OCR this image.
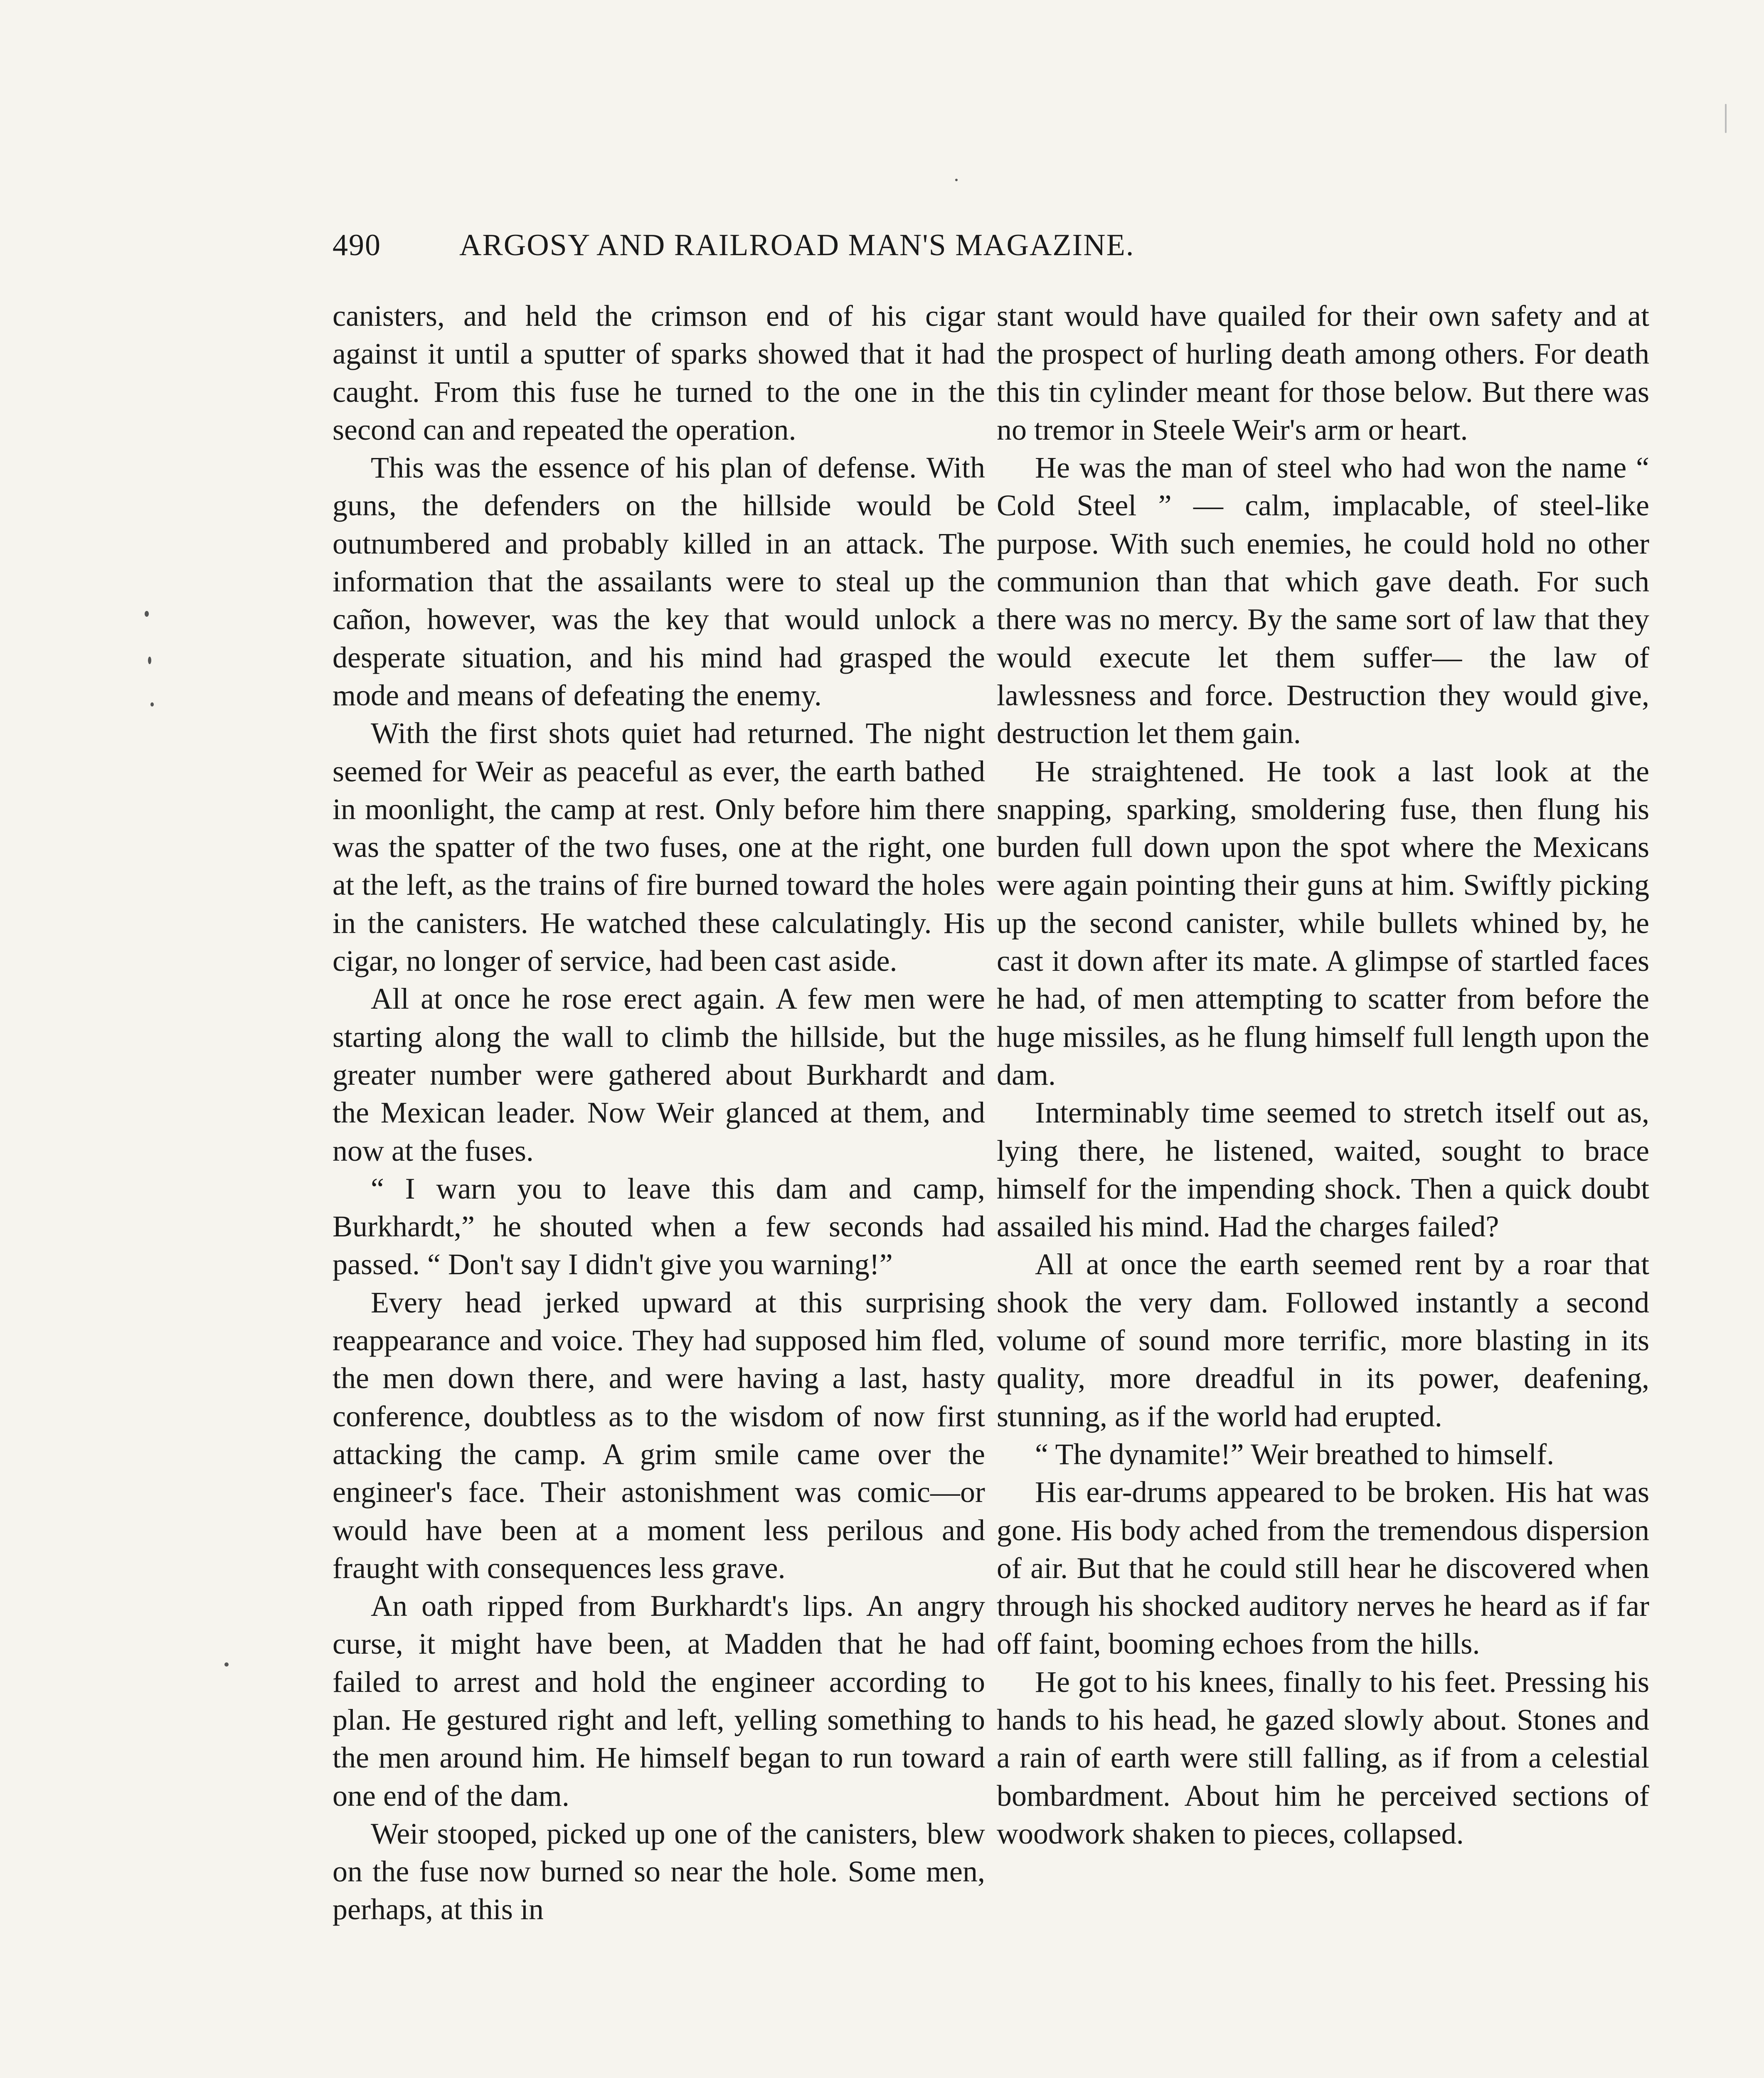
490	ARGOSY AND RAILROAD MAN'S MAGAZINE.

canisters, and held the crimson end of his cigar against it until a sputter of sparks showed that it had caught. From this fuse he turned to the one in the second can and repeated the operation.

This was the essence of his plan of defense. With guns, the defenders on the hillside would be outnumbered and probably killed in an attack. The information that the assailants were to steal up the cañon, however, was the key that would unlock a desperate situation, and his mind had grasped the mode and means of defeating the enemy.

With the first shots quiet had returned. The night seemed for Weir as peaceful as ever, the earth bathed in moonlight, the camp at rest. Only before him there was the spatter of the two fuses, one at the right, one at the left, as the trains of fire burned toward the holes in the canisters. He watched these calculatingly. His cigar, no longer of service, had been cast aside.

All at once he rose erect again. A few men were starting along the wall to climb the hillside, but the greater number were gathered about Burkhardt and the Mexican leader. Now Weir glanced at them, and now at the fuses.

“ I warn you to leave this dam and camp, Burkhardt,” he shouted when a few seconds had passed. “ Don't say I didn't give you warning!”

Every head jerked upward at this surprising reappearance and voice. They had supposed him fled, the men down there, and were having a last, hasty conference, doubtless as to the wisdom of now first attacking the camp. A grim smile came over the engineer's face. Their astonishment was comic—or would have been at a moment less perilous and fraught with consequences less grave.

An oath ripped from Burkhardt's lips. An angry curse, it might have been, at Madden that he had failed to arrest and hold the engineer according to plan. He gestured right and left, yelling something to the men around him. He himself began to run toward one end of the dam.

Weir stooped, picked up one of the canisters, blew on the fuse now burned so near the hole. Some men, perhaps, at this in

stant would have quailed for their own safety and at the prospect of hurling death among others. For death this tin cylinder meant for those below. But there was no tremor in Steele Weir's arm or heart.

He was the man of steel who had won the name “ Cold Steel ” — calm, implacable, of steel-like purpose. With such enemies, he could hold no other communion than that which gave death. For such there was no mercy. By the same sort of law that they would execute let them suffer— the law of lawlessness and force. Destruction they would give, destruction let them gain.

He straightened. He took a last look at the snapping, sparking, smoldering fuse, then flung his burden full down upon the spot where the Mexicans were again pointing their guns at him. Swiftly picking up the second canister, while bullets whined by, he cast it down after its mate. A glimpse of startled faces he had, of men attempting to scatter from before the huge missiles, as he flung himself full length upon the dam.

Interminably time seemed to stretch itself out as, lying there, he listened, waited, sought to brace himself for the impending shock. Then a quick doubt assailed his mind. Had the charges failed?

All at once the earth seemed rent by a roar that shook the very dam. Followed instantly a second volume of sound more terrific, more blasting in its quality, more dreadful in its power, deafening, stunning, as if the world had erupted.

“ The dynamite!” Weir breathed to himself.

His ear-drums appeared to be broken. His hat was gone. His body ached from the tremendous dispersion of air. But that he could still hear he discovered when through his shocked auditory nerves he heard as if far off faint, booming echoes from the hills.

He got to his knees, finally to his feet. Pressing his hands to his head, he gazed slowly about. Stones and a rain of earth were still falling, as if from a celestial bombardment. About him he perceived sections of woodwork shaken to pieces, collapsed.
